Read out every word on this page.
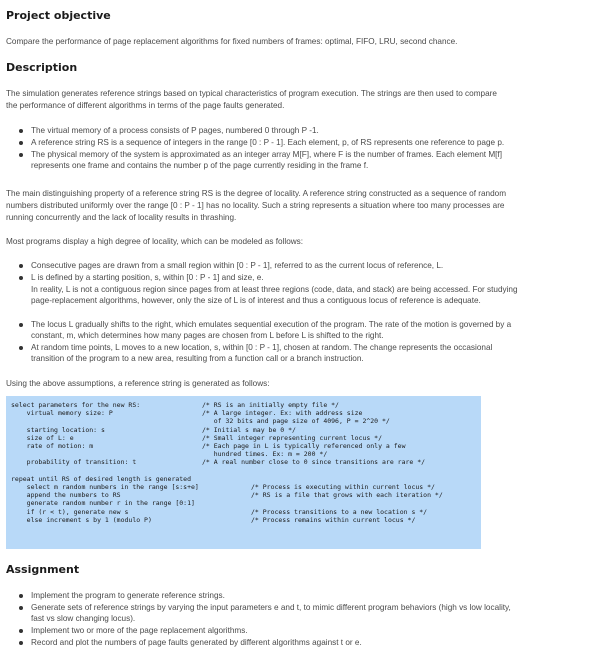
Project objective

Compare the performance of page replacement algorithms for fixed numbers of frames: optimal, FIFO, LRU, second chance.

Description

The simulation generates reference strings based on typical characteristics of program execution. The strings are then used to compare

the performance of different algorithms in terms of the page faults generated.

The virtual memory of a process consists of P pages, numbered 0 through P -1.
A reference string RS is a sequence of integers in the range [0 : P - 1]. Each element, p, of RS represents one reference to page p.
The physical memory of the system is approximated as an integer array M[F], where F is the number of frames. Each element M[f]
represents one frame and contains the number p of the page currently residing in the frame f.

The main distinguishing property of a reference string RS is the degree of locality. A reference string constructed as a sequence of random

numbers distributed uniformly over the range [0 : P - 1] has no locality. Such a string represents a situation where too many processes are

running concurrently and the lack of locality results in thrashing.

Most programs display a high degree of locality, which can be modeled as follows:

Consecutive pages are drawn from a small region within [0 : P - 1], referred to as the current locus of reference, L.
L is defined by a starting position, s, within [0 : P - 1] and size, e.
In reality, L is not a contiguous region since pages from at least three regions (code, data, and stack) are being accessed. For studying
page-replacement algorithms, however, only the size of L is of interest and thus a contiguous locus of reference is adequate.
The locus L gradually shifts to the right, which emulates sequential execution of the program. The rate of the motion is governed by a
constant, m, which determines how many pages are chosen from L before L is shifted to the right.
At random time points, L moves to a new location, s, within [0 : P - 1], chosen at random. The change represents the occasional
transition of the program to a new area, resulting from a function call or a branch instruction.

Using the above assumptions, a reference string is generated as follows:

select parameters for the new RS:	/* RS is an initially empty file */
virtual memory size: P	/* A large integer. Ex: with address size
of 32 bits and page size of 4096, P = 2^20 */
starting location: s	/* Initial s may be 0 */
size of L: e	/* Small integer representing current locus */
rate of motion: m	/* Each page in L is typically referenced only a few
hundred times. Ex: m = 200 */
probability of transition: t	/* A real number close to 0 since transitions are rare */
repeat until RS of desired length is generated
select m random numbers in the range [s:s+e]	/* Process is executing within current locus */
append the numbers to RS	/* RS is a file that grows with each iteration */
generate random number r in the range [0:1]
if (r < t), generate new s	/* Process transitions to a new location s */
else increment s by 1 (modulo P)	/* Process remains within current locus */
Assignment
Implement the program to generate reference strings.
Generate sets of reference strings by varying the input parameters e and t, to mimic different program behaviors (high vs low locality,
fast vs slow changing locus).
Implement two or more of the page replacement algorithms.
Record and plot the numbers of page faults generated by different algorithms against t or e.
